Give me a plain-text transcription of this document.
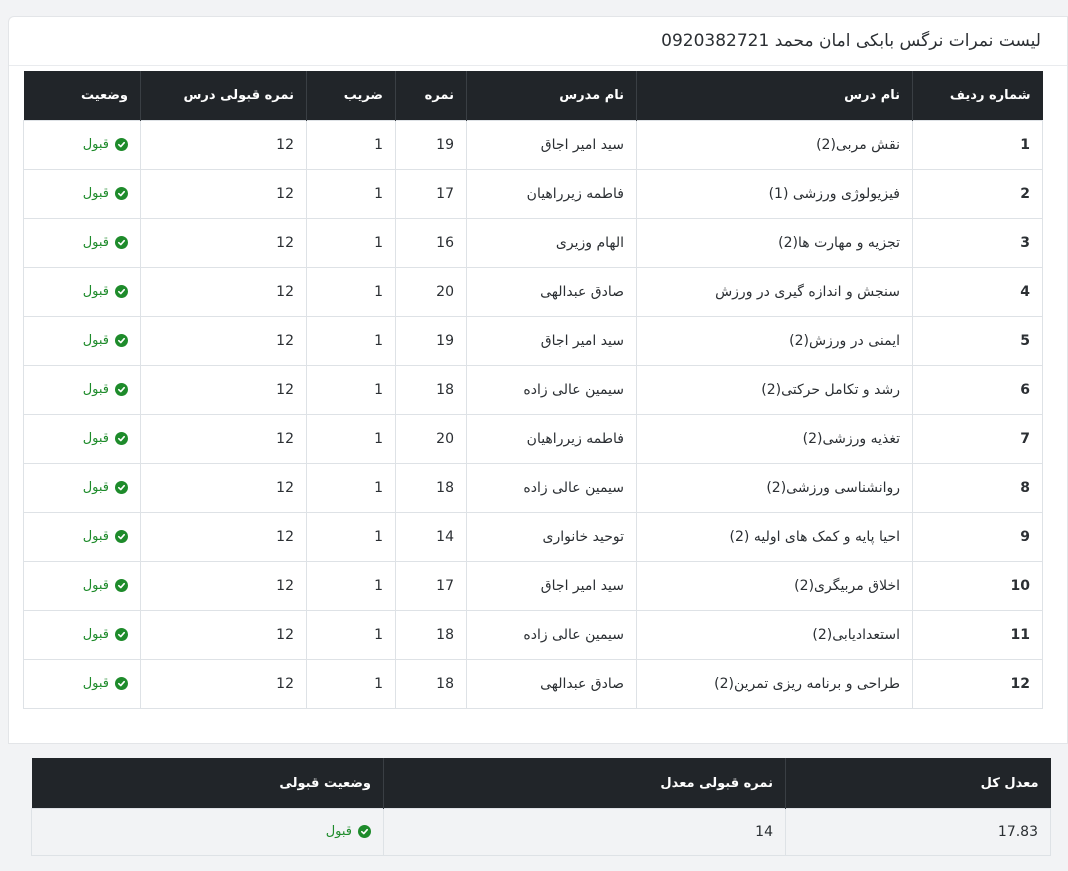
لیست نمرات نرگس بابکی امان محمد 0920382721
شماره ردیف	نام درس	نام مدرس	نمره	ضریب	نمره قبولی درس	وضعیت
1	نقش مربی(2)	سید امیر اجاق	19	1	12	قبول

2	فیزیولوژی ورزشی (1)	فاطمه زیرراهیان	17	1	12	قبول

3	تجزیه و مهارت ها(2)	الهام وزیری	16	1	12	قبول

4	سنجش و اندازه گیری در ورزش	صادق عبدالهی	20	1	12	قبول

5	ایمنی در ورزش(2)	سید امیر اجاق	19	1	12	قبول

6	رشد و تکامل حرکتی(2)	سیمین عالی زاده	18	1	12	قبول

7	تغذیه ورزشی(2)	فاطمه زیرراهیان	20	1	12	قبول

8	روانشناسی ورزشی(2)	سیمین عالی زاده	18	1	12	قبول

9	احیا پایه و کمک های اولیه (2)	توحید خانواری	14	1	12	قبول

10	اخلاق مربیگری(2)	سید امیر اجاق	17	1	12	قبول

11	استعدادیابی(2)	سیمین عالی زاده	18	1	12	قبول

12	طراحی و برنامه ریزی تمرین(2)	صادق عبدالهی	18	1	12	قبول
معدل کل	نمره قبولی معدل	وضعیت قبولی
17.83	14	قبول
